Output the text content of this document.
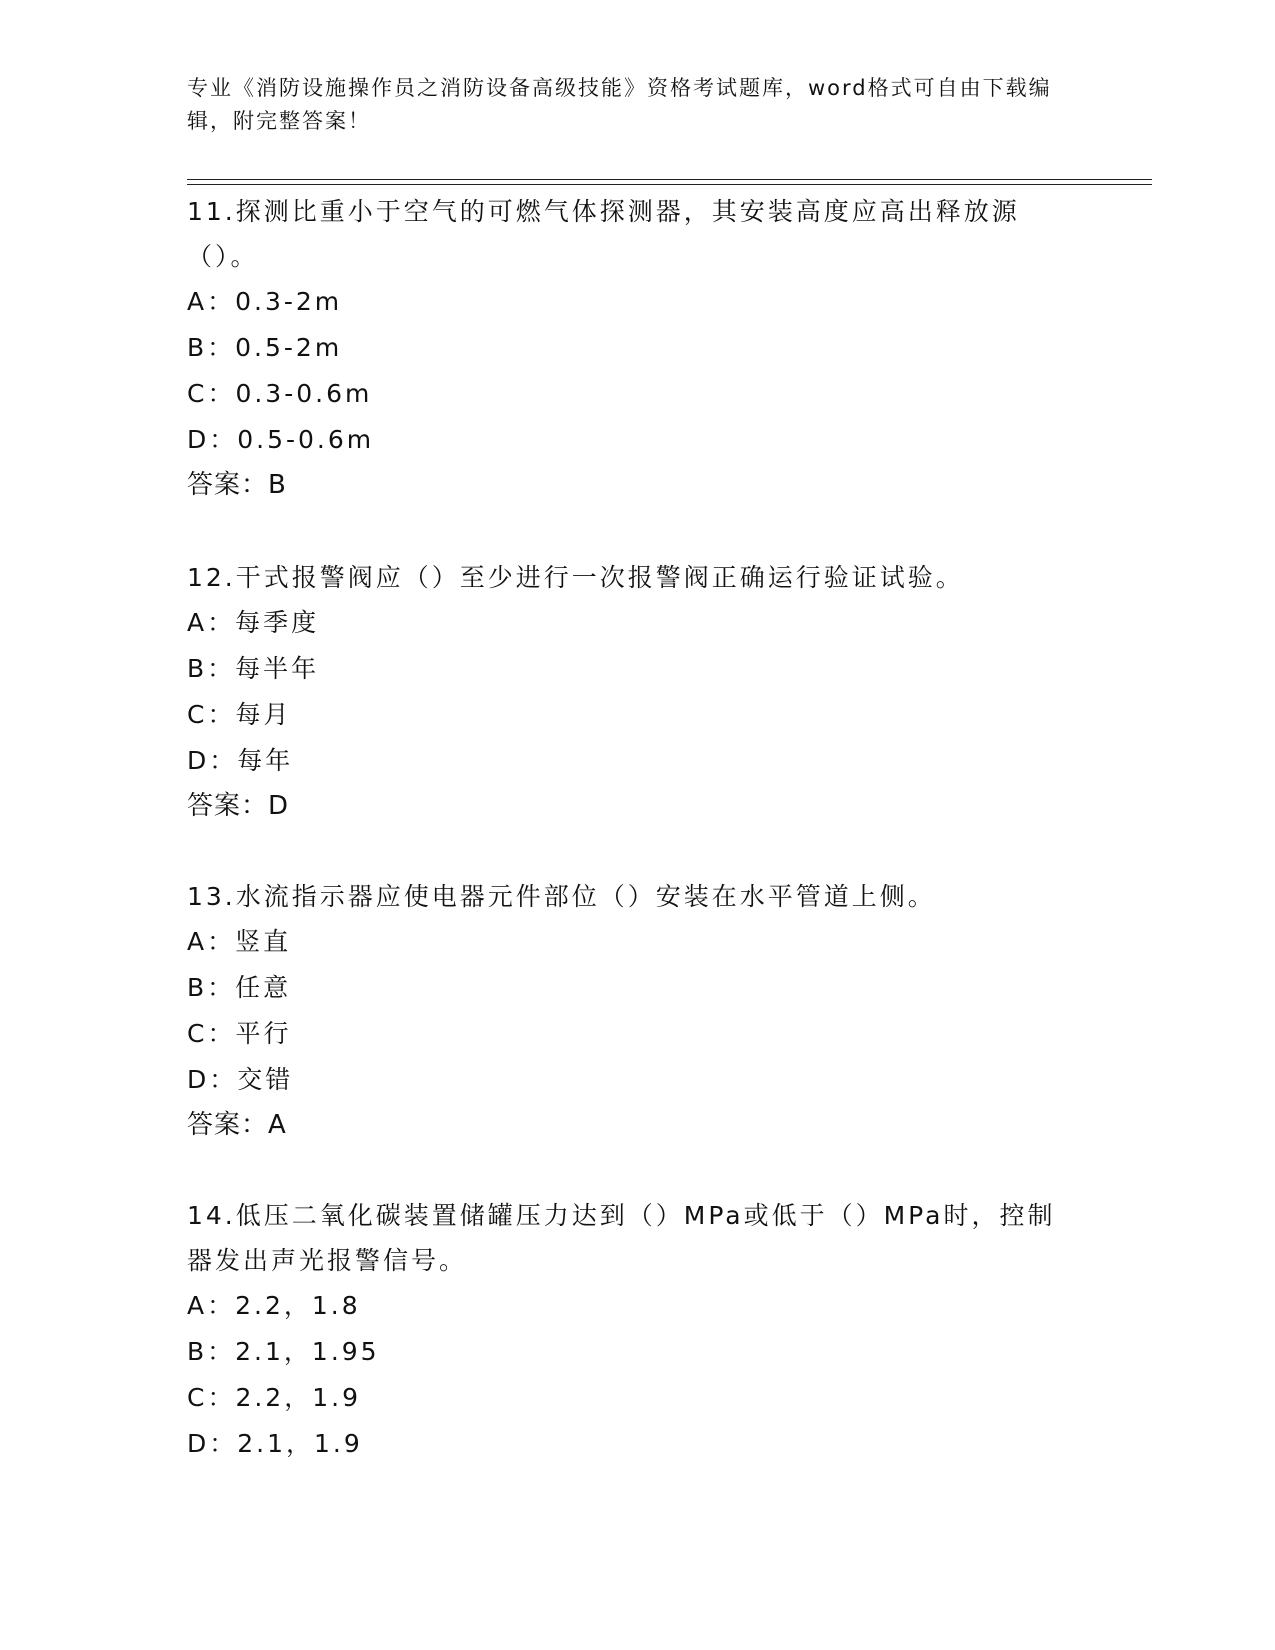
专业《消防设施操作员之消防设备高级技能》资格考试题库，word格式可自由下载编辑，附完整答案！

11.探测比重小于空气的可燃气体探测器，其安装高度应高出释放源（）。

A：0.3-2m
B：0.5-2m
C：0.3-0.6m
D：0.5-0.6m
答案：B

12.干式报警阀应（）至少进行一次报警阀正确运行验证试验。

A：每季度
B：每半年
C：每月
D：每年
答案：D

13.水流指示器应使电器元件部位（）安装在水平管道上侧。

A：竖直
B：任意
C：平行
D：交错
答案：A

14.低压二氧化碳装置储罐压力达到（）MPa或低于（）MPa时，控制器发出声光报警信号。

A：2.2，1.8
B：2.1，1.95
C：2.2，1.9
D：2.1，1.9
